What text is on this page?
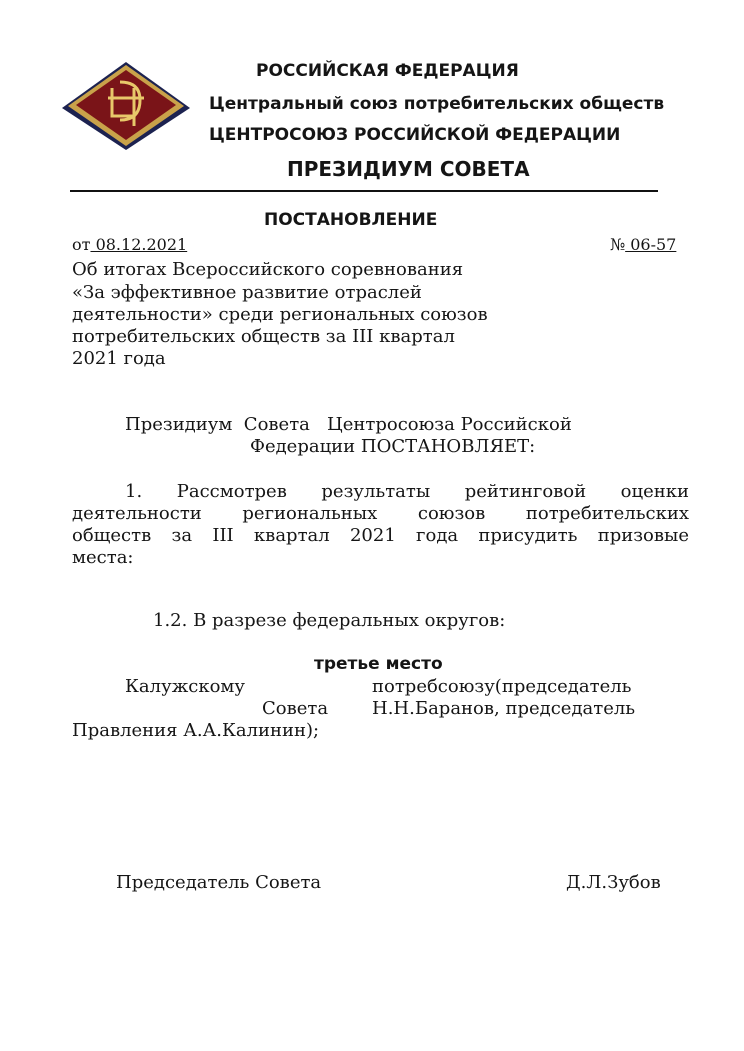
РОССИЙСКАЯ ФЕДЕРАЦИЯ
Центральный союз потребительских обществ
ЦЕНТРОСОЮЗ РОССИЙСКОЙ ФЕДЕРАЦИИ
ПРЕЗИДИУМ СОВЕТА
ПОСТАНОВЛЕНИЕ
от 08.12.2021	№ 06-57
Об итогах Всероссийского соревнования
«За эффективное развитие отраслей
деятельности» среди региональных союзов
потребительских обществ за III квартал
2021 года
Президиум  Совета   Центросоюза Российской
Федерации ПОСТАНОВЛЯЕТ:
1. Рассмотрев результаты рейтинговой оценки
деятельности региональных союзов потребительских
обществ за III квартал 2021 года присудить призовые
места:
1.2. В разрезе федеральных округов:
третье место
Калужскому	потребсоюзу(председатель
Совета Н.Н.Баранов, председатель
Правления А.А.Калинин);
Председатель Совета	Д.Л.Зубов
